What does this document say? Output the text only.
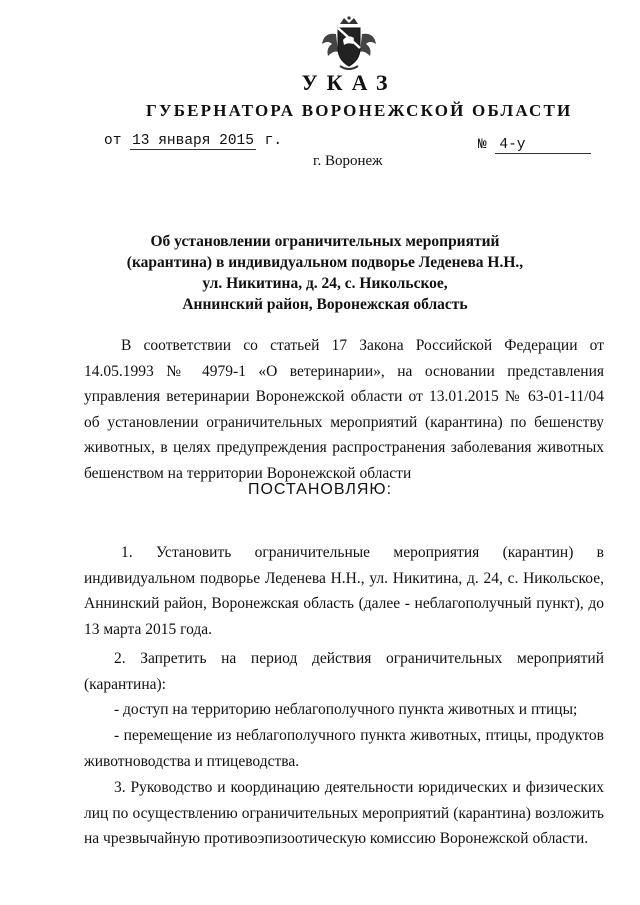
УКАЗ
ГУБЕРНАТОРА ВОРОНЕЖСКОЙ ОБЛАСТИ
от 13 января 2015 г.	№ 4-у
г. Воронеж
Об установлении ограничительных мероприятий
(карантина) в индивидуальном подворье Леденева Н.Н.,
ул. Никитина, д. 24, с. Никольское,
Аннинский район, Воронежская область

В соответствии со статьей 17 Закона Российской Федерации от 14.05.1993 № 4979-1 «О ветеринарии», на основании представления управления ветеринарии Воронежской области от 13.01.2015 № 63-01-11/04 об установлении ограничительных мероприятий (карантина) по бешенству животных, в целях предупреждения распространения заболевания животных бешенством на территории Воронежской области

ПОСТАНОВЛЯЮ:

1. Установить ограничительные мероприятия (карантин) в индивидуальном подворье Леденева Н.Н., ул. Никитина, д. 24, с. Никольское, Аннинский район, Воронежская область (далее - неблагополучный пункт), до 13 марта 2015 года.

2. Запретить на период действия ограничительных мероприятий (карантина):

- доступ на территорию неблагополучного пункта животных и птицы;

- перемещение из неблагополучного пункта животных, птицы, продуктов животноводства и птицеводства.

3. Руководство и координацию деятельности юридических и физических лиц по осуществлению ограничительных мероприятий (карантина) возложить на чрезвычайную противоэпизоотическую комиссию Воронежской области.
